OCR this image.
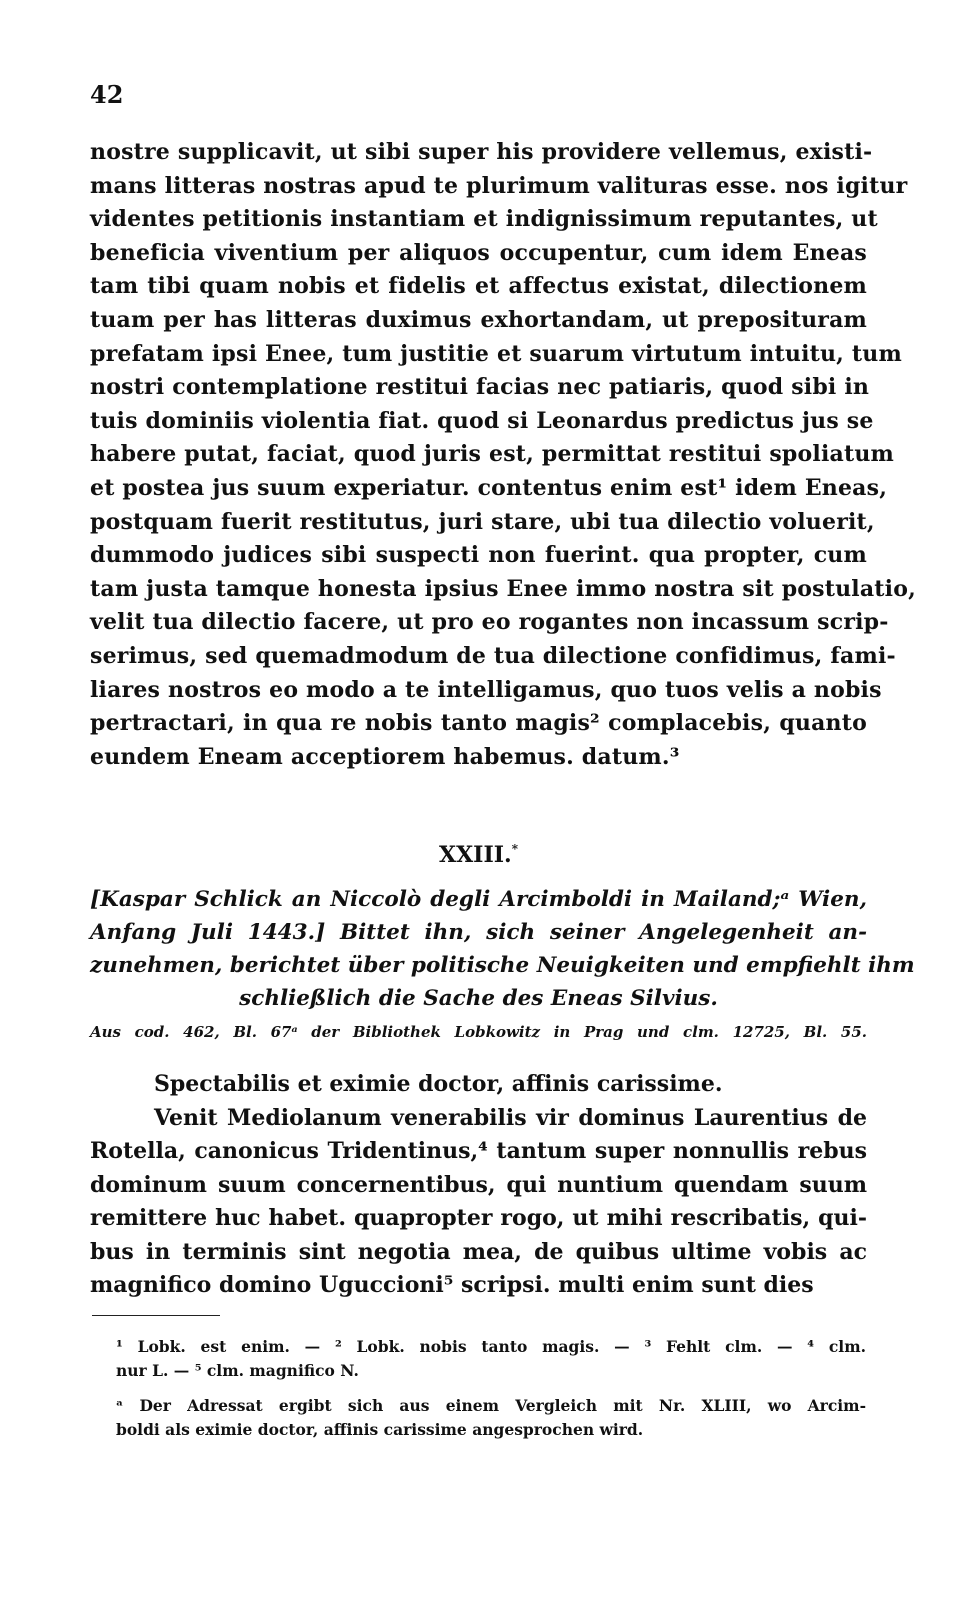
42
nostre supplicavit, ut sibi super his providere vellemus, existi-
mans litteras nostras apud te plurimum valituras esse. nos igitur
videntes petitionis instantiam et indignissimum reputantes, ut
beneficia viventium per aliquos occupentur, cum idem Eneas
tam tibi quam nobis et fidelis et affectus existat, dilectionem
tuam per has litteras duximus exhortandam, ut preposituram
prefatam ipsi Enee, tum justitie et suarum virtutum intuitu, tum
nostri contemplatione restitui facias nec patiaris, quod sibi in
tuis dominiis violentia fiat. quod si Leonardus predictus jus se
habere putat, faciat, quod juris est, permittat restitui spoliatum
et postea jus suum experiatur. contentus enim est¹ idem Eneas,
postquam fuerit restitutus, juri stare, ubi tua dilectio voluerit,
dummodo judices sibi suspecti non fuerint. qua propter, cum
tam justa tamque honesta ipsius Enee immo nostra sit postulatio,
velit tua dilectio facere, ut pro eo rogantes non incassum scrip-
serimus, sed quemadmodum de tua dilectione confidimus, fami-
liares nostros eo modo a te intelligamus, quo tuos velis a nobis
pertractari, in qua re nobis tanto magis² complacebis, quanto
eundem Eneam acceptiorem habemus. datum.³
XXIII.*
[Kaspar Schlick an Niccolò degli Arcimboldi in Mailand;ᵃ Wien,
Anfang Juli 1443.] Bittet ihn, sich seiner Angelegenheit an-
zunehmen, berichtet über politische Neuigkeiten und empfiehlt ihm
schließlich die Sache des Eneas Silvius.
Aus cod. 462, Bl. 67ᵃ der Bibliothek Lobkowitz in Prag und clm. 12725, Bl. 55.
Spectabilis et eximie doctor, affinis carissime.
Venit Mediolanum venerabilis vir dominus Laurentius de
Rotella, canonicus Tridentinus,⁴ tantum super nonnullis rebus
dominum suum concernentibus, qui nuntium quendam suum
remittere huc habet. quapropter rogo, ut mihi rescribatis, qui-
bus in terminis sint negotia mea, de quibus ultime vobis ac
magnifico domino Uguccioni⁵ scripsi. multi enim sunt dies
¹ Lobk. est enim. — ² Lobk. nobis tanto magis. — ³ Fehlt clm. — ⁴ clm.
nur L. — ⁵ clm. magnifico N.
ᵃ Der Adressat ergibt sich aus einem Vergleich mit Nr. XLIII, wo Arcim-
boldi als eximie doctor, affinis carissime angesprochen wird.
